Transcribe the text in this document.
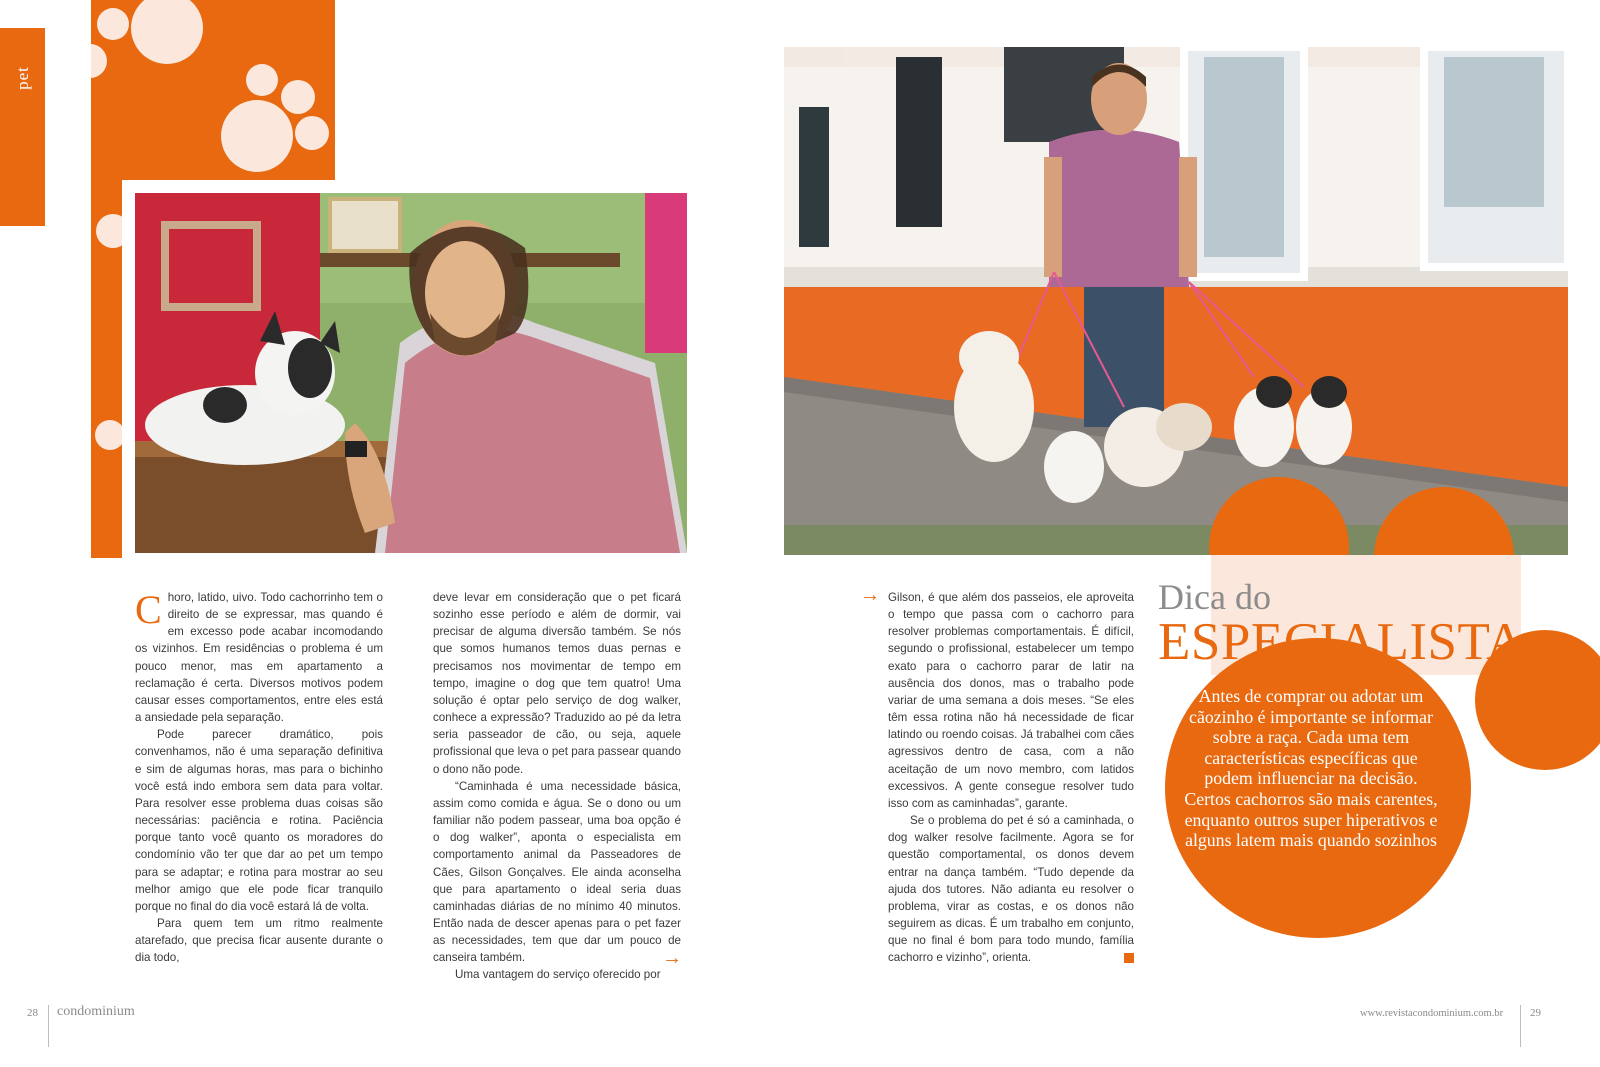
pet
Dica do
ESPECIALISTA
Antes de comprar ou adotar um cãozinho é importante se informar sobre a raça. Cada uma tem características específicas que podem influenciar na decisão. Certos cachorros são mais carentes, enquanto outros super hiperativos e alguns latem mais quando sozinhos
C horo, latido, uivo. Todo cachorrinho tem o direito de se expressar, mas quando é em excesso pode acabar incomodando os vizinhos. Em residências o problema é um pouco menor, mas em apartamento a reclamação é certa. Diversos motivos podem causar esses comportamentos, entre eles está a ansiedade pela separação.

Pode parecer dramático, pois convenhamos, não é uma separação definitiva e sim de algumas horas, mas para o bichinho você está indo embora sem data para voltar. Para resolver esse problema duas coisas são necessárias: paciência e rotina. Paciência porque tanto você quanto os moradores do condomínio vão ter que dar ao pet um tempo para se adaptar; e rotina para mostrar ao seu melhor amigo que ele pode ficar tranquilo porque no final do dia você estará lá de volta.

Para quem tem um ritmo realmente atarefado, que precisa ficar ausente durante o dia todo,

deve levar em consideração que o pet ficará sozinho esse período e além de dormir, vai precisar de alguma diversão também. Se nós que somos humanos temos duas pernas e precisamos nos movimentar de tempo em tempo, imagine o dog que tem quatro! Uma solução é optar pelo serviço de dog walker, conhece a expressão? Traduzido ao pé da letra seria passeador de cão, ou seja, aquele profissional que leva o pet para passear quando o dono não pode.

“Caminhada é uma necessidade básica, assim como comida e água. Se o dono ou um familiar não podem passear, uma boa opção é o dog walker”, aponta o especialista em comportamento animal da Passeadores de Cães, Gilson Gonçalves. Ele ainda aconselha que para apartamento o ideal seria duas caminhadas diárias de no mínimo 40 minutos. Então nada de descer apenas para o pet fazer as necessidades, tem que dar um pouco de canseira também.

Uma vantagem do serviço oferecido por

→
→ Gilson, é que além dos passeios, ele aproveita o tempo que passa com o cachorro para resolver problemas comportamentais. É difícil, segundo o profissional, estabelecer um tempo exato para o cachorro parar de latir na ausência dos donos, mas o trabalho pode variar de uma semana a dois meses. “Se eles têm essa rotina não há necessidade de ficar latindo ou roendo coisas. Já trabalhei com cães agressivos dentro de casa, com a não aceitação de um novo membro, com latidos excessivos. A gente consegue resolver tudo isso com as caminhadas”, garante.

Se o problema do pet é só a caminhada, o dog walker resolve facilmente. Agora se for questão comportamental, os donos devem entrar na dança também. “Tudo depende da ajuda dos tutores. Não adianta eu resolver o problema, virar as costas, e os donos não seguirem as dicas. É um trabalho em conjunto, que no final é bom para todo mundo, família cachorro e vizinho”, orienta.

28 condominium	www.revistacondominium.com.br 29
